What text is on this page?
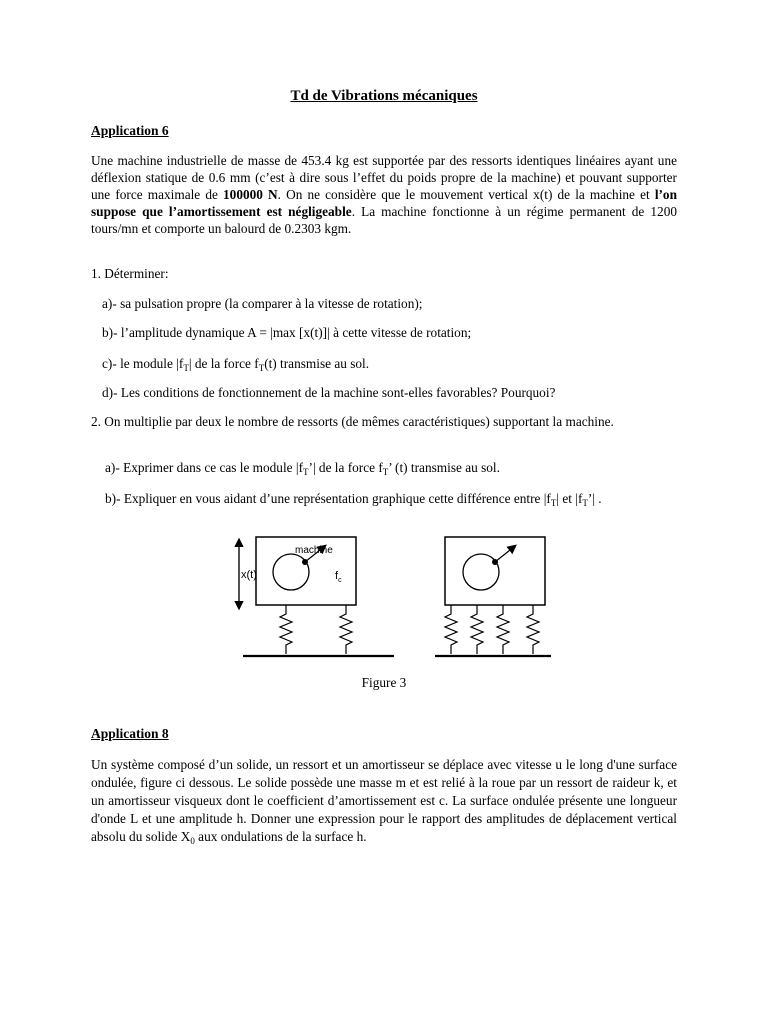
Td de Vibrations mécaniques
Application 6
Une machine industrielle de masse de 453.4 kg est supportée par des ressorts identiques linéaires ayant une déflexion statique de 0.6 mm (c’est à dire sous l’effet du poids propre de la machine) et pouvant supporter une force maximale de 100000 N. On ne considère que le mouvement vertical x(t) de la machine et l’on suppose que l’amortissement est négligeable. La machine fonctionne à un régime permanent de 1200 tours/mn et comporte un balourd de 0.2303 kgm.
1. Déterminer:
a)- sa pulsation propre (la comparer à la vitesse de rotation);
b)- l’amplitude dynamique A = |max [x(t)]| à cette vitesse de rotation;
c)- le module $|f_T|$ de la force $f_T(t)$ transmise au sol.
d)- Les conditions de fonctionnement de la machine sont-elles favorables? Pourquoi?
2. On multiplie par deux le nombre de ressorts (de mêmes caractéristiques) supportant la machine.
a)- Exprimer dans ce cas le module $|f_T’|$ de la force $f_T$’ (t) transmise au sol.
b)- Expliquer en vous aidant d’une représentation graphique cette différence entre $|f_T|$ et $|f_T’|$ .
machine
x(t)	$f_c$
Figure 3
Application 8
Un système composé d’un solide, un ressort et un amortisseur se déplace avec vitesse u le long d'une surface ondulée, figure ci dessous. Le solide possède une masse m et est relié à la roue par un ressort de raideur k, et un amortisseur visqueux dont le coefficient d’amortissement est c. La surface ondulée présente une longueur d'onde L et une amplitude h. Donner une expression pour le rapport des amplitudes de déplacement vertical absolu du solide $X_0$ aux ondulations de la surface h.
